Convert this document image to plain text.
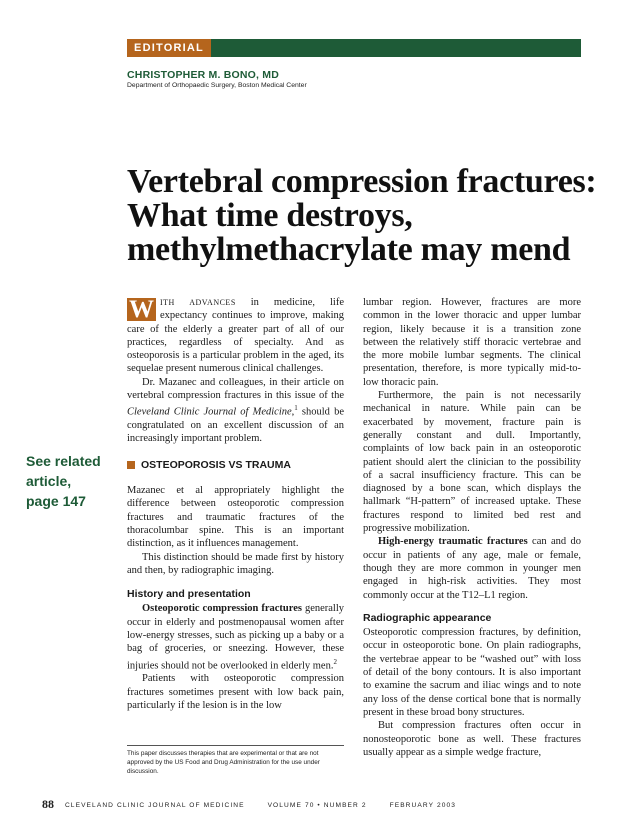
EDITORIAL
CHRISTOPHER M. BONO, MD
Department of Orthopaedic Surgery, Boston Medical Center
Vertebral compression fractures:
What time destroys,
methylmethacrylate may mend
See related
article,
page 147

W ITH ADVANCES in medicine, life expectancy continues to improve, making care of the elderly a greater part of all of our practices, regardless of specialty. And as osteoporosis is a particular problem in the aged, its sequelae present numerous clinical challenges.

Dr. Mazanec and colleagues, in their article on vertebral compression fractures in this issue of the Cleveland Clinic Journal of Medicine,$^1$ should be congratulated on an excellent discussion of an increasingly important problem.

OSTEOPOROSIS VS TRAUMA

Mazanec et al appropriately highlight the difference between osteoporotic compression fractures and traumatic fractures of the thoracolumbar spine. This is an important distinction, as it influences management.

This distinction should be made first by history and then, by radiographic imaging.

History and presentation

Osteoporotic compression fractures generally occur in elderly and postmenopausal women after low-energy stresses, such as picking up a baby or a bag of groceries, or sneezing. However, these injuries should not be overlooked in elderly men.$^2$

Patients with osteoporotic compression fractures sometimes present with low back pain, particularly if the lesion is in the low

lumbar region. However, fractures are more common in the lower thoracic and upper lumbar region, likely because it is a transition zone between the relatively stiff thoracic vertebrae and the more mobile lumbar segments. The clinical presentation, therefore, is more typically mid-to-low thoracic pain.

Furthermore, the pain is not necessarily mechanical in nature. While pain can be exacerbated by movement, fracture pain is generally constant and dull. Importantly, complaints of low back pain in an osteoporotic patient should alert the clinician to the possibility of a sacral insufficiency fracture. This can be diagnosed by a bone scan, which displays the hallmark “H-pattern” of increased uptake. These fractures respond to limited bed rest and progressive mobilization.

High-energy traumatic fractures can and do occur in patients of any age, male or female, though they are more common in younger men engaged in high-risk activities. They most commonly occur at the T12–L1 region.

Radiographic appearance

Osteoporotic compression fractures, by definition, occur in osteoporotic bone. On plain radiographs, the vertebrae appear to be “washed out” with loss of detail of the bony contours. It is also important to examine the sacrum and iliac wings and to note any loss of the dense cortical bone that is normally present in these broad bony structures.

But compression fractures often occur in nonosteoporotic bone as well. These fractures usually appear as a simple wedge fracture,

This paper discusses therapies that are experimental or that are not approved by the US Food and Drug Administration for the use under discussion.
88 CLEVELAND CLINIC JOURNAL OF MEDICINE	VOLUME 70 • NUMBER 2	FEBRUARY 2003
